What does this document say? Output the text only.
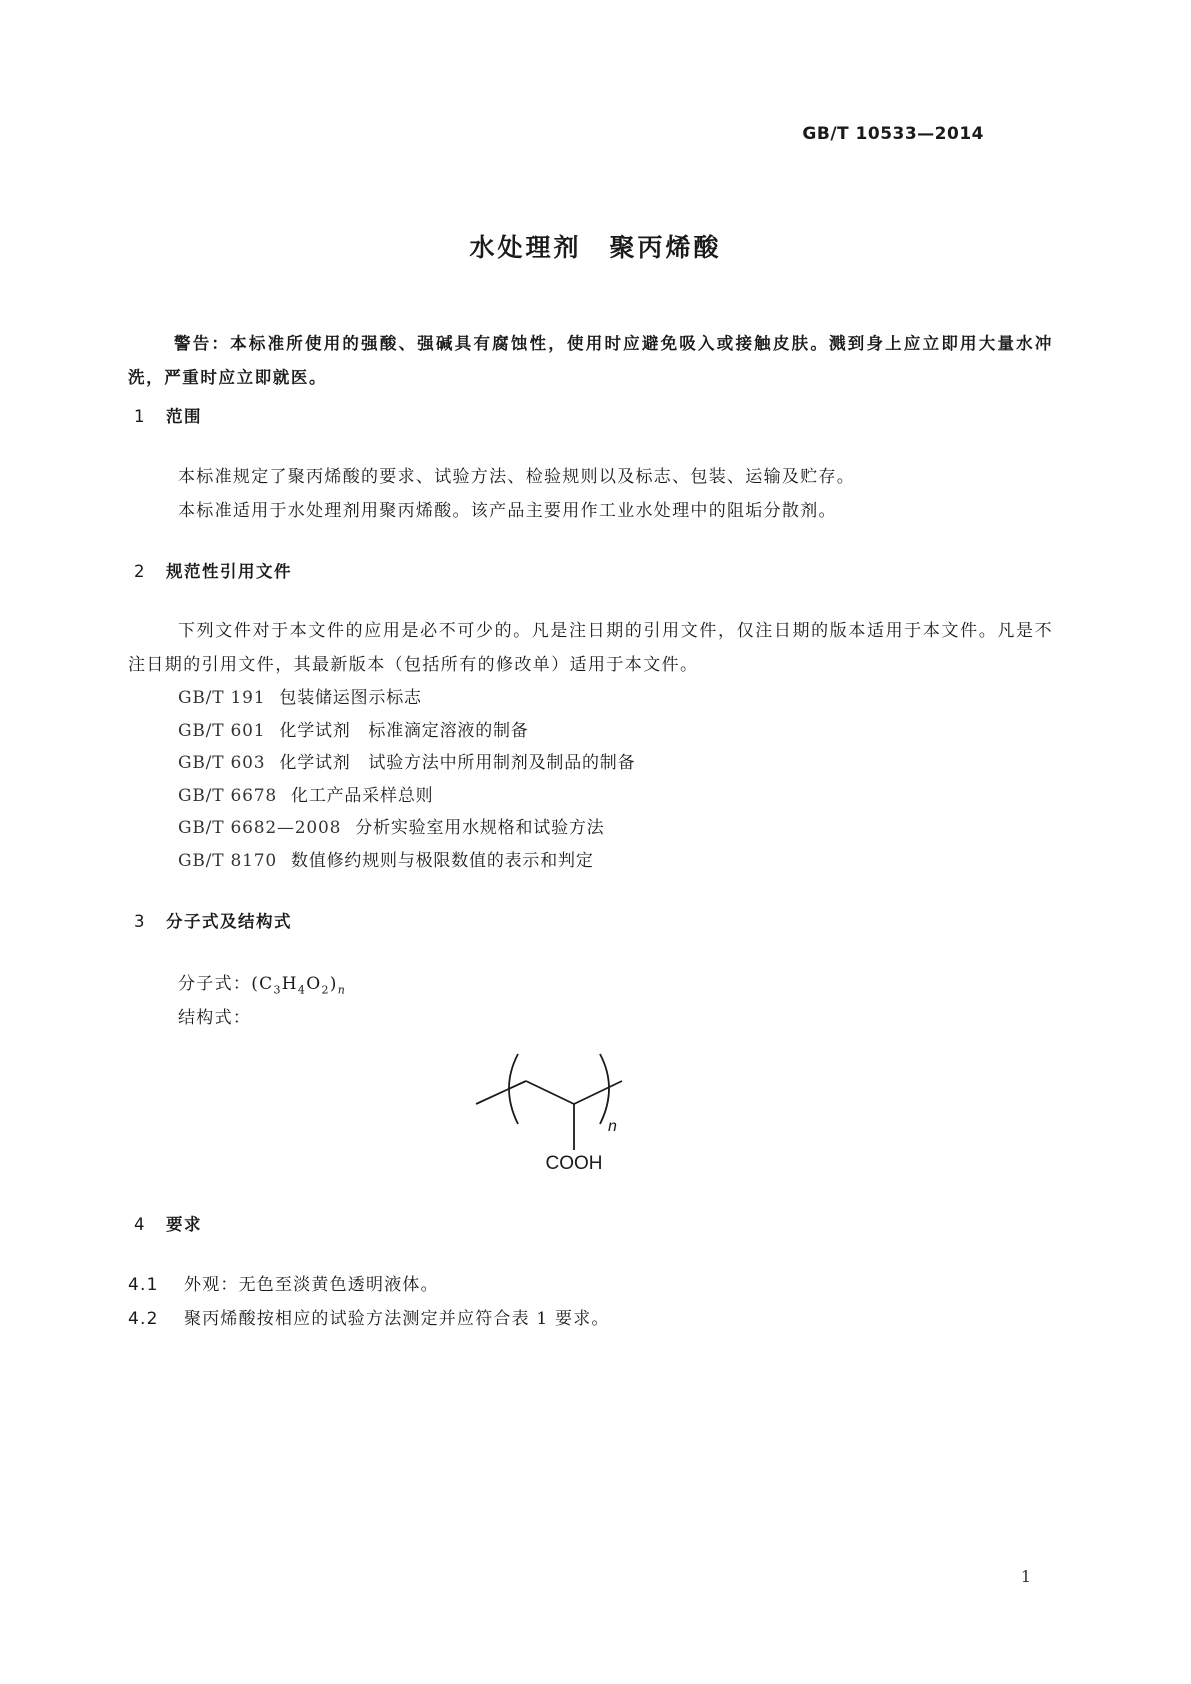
GB/T 10533—2014
水处理剂　聚丙烯酸
警告：本标准所使用的强酸、强碱具有腐蚀性，使用时应避免吸入或接触皮肤。溅到身上应立即用大量水冲洗，严重时应立即就医。
1 范围
本标准规定了聚丙烯酸的要求、试验方法、检验规则以及标志、包装、运输及贮存。
本标准适用于水处理剂用聚丙烯酸。该产品主要用作工业水处理中的阻垢分散剂。
2 规范性引用文件
下列文件对于本文件的应用是必不可少的。凡是注日期的引用文件，仅注日期的版本适用于本文件。凡是不注日期的引用文件，其最新版本（包括所有的修改单）适用于本文件。
GB/T 191 包装储运图示标志
GB/T 601 化学试剂　标准滴定溶液的制备
GB/T 603 化学试剂　试验方法中所用制剂及制品的制备
GB/T 6678 化工产品采样总则
GB/T 6682—2008 分析实验室用水规格和试验方法
GB/T 8170 数值修约规则与极限数值的表示和判定
3 分子式及结构式
分子式：$(C_3H_4O_2)_n$
结构式：
n
COOH
4 要求
4.1 外观：无色至淡黄色透明液体。
4.2 聚丙烯酸按相应的试验方法测定并应符合表 1 要求。
1
